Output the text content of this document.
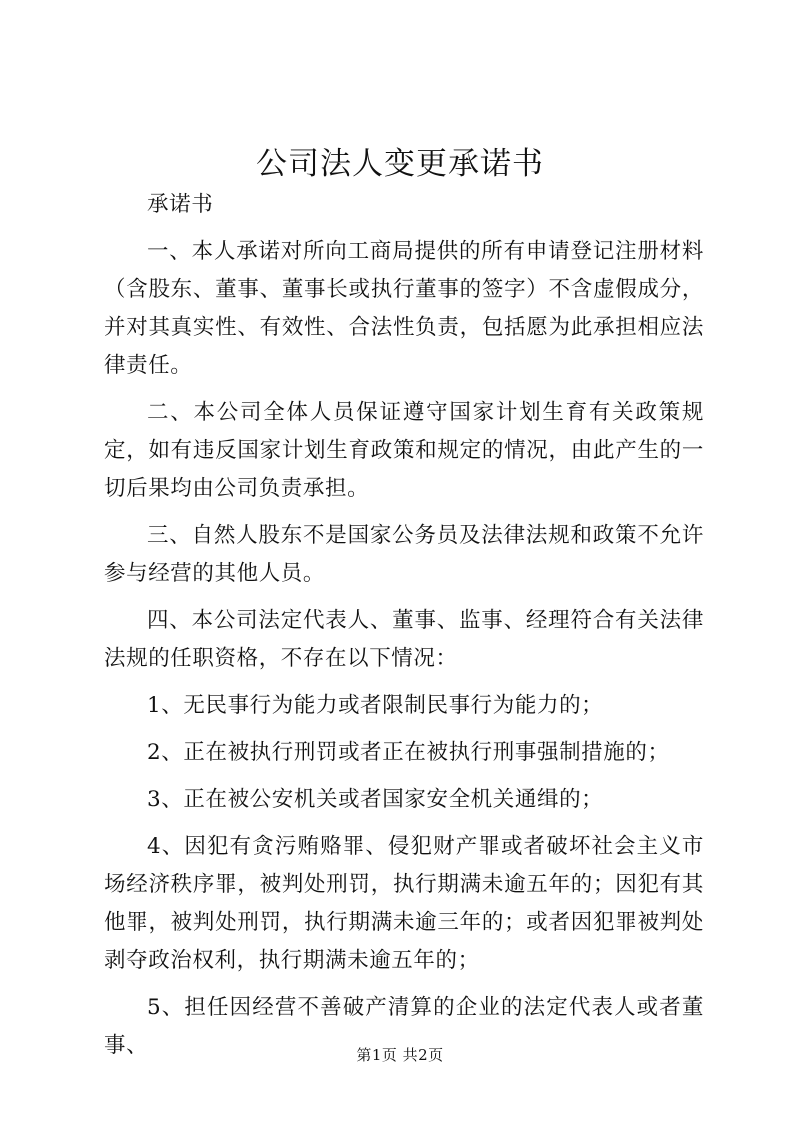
公司法人变更承诺书

承诺书

一、本人承诺对所向工商局提供的所有申请登记注册材料（含股东、董事、董事长或执行董事的签字）不含虚假成分，并对其真实性、有效性、合法性负责，包括愿为此承担相应法律责任。

二、本公司全体人员保证遵守国家计划生育有关政策规定，如有违反国家计划生育政策和规定的情况，由此产生的一切后果均由公司负责承担。

三、自然人股东不是国家公务员及法律法规和政策不允许参与经营的其他人员。

四、本公司法定代表人、董事、监事、经理符合有关法律法规的任职资格，不存在以下情况：

1、无民事行为能力或者限制民事行为能力的；

2、正在被执行刑罚或者正在被执行刑事强制措施的；

3、正在被公安机关或者国家安全机关通缉的；

4、因犯有贪污贿赂罪、侵犯财产罪或者破坏社会主义市场经济秩序罪，被判处刑罚，执行期满未逾五年的；因犯有其他罪，被判处刑罚，执行期满未逾三年的；或者因犯罪被判处剥夺政治权利，执行期满未逾五年的；

5、担任因经营不善破产清算的企业的法定代表人或者董事、	第1页 共2页
